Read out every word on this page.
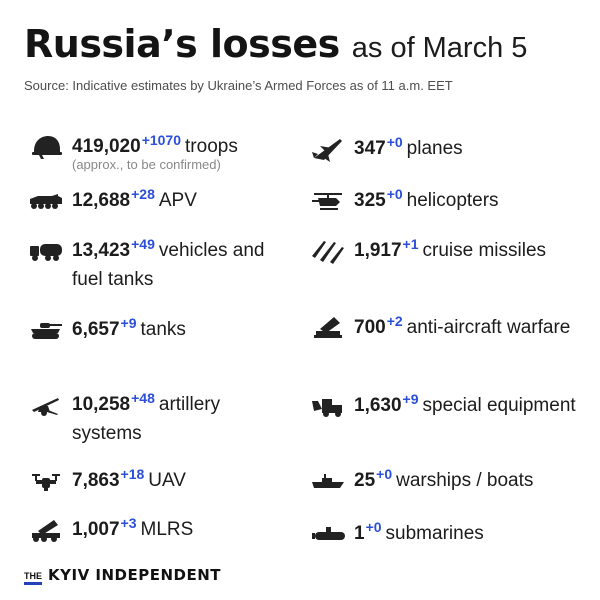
Russia’s losses as of March 5
Source: Indicative estimates by Ukraine’s Armed Forces as of 11 a.m. EET
$419,020^{+1070}$ troops
(approx., to be confirmed)
$12,688^{+28}$ APV
$13,423^{+49}$ vehicles and fuel tanks
$6,657^{+9}$ tanks
$10,258^{+48}$ artillery systems
$7,863^{+18}$ UAV
$1,007^{+3}$ MLRS
$347^{+0}$ planes
$325^{+0}$ helicopters
$1,917^{+1}$ cruise missiles
$700^{+2}$ anti-aircraft warfare
$1,630^{+9}$ special equipment
$25^{+0}$ warships / boats
$1^{+0}$ submarines
THE KYIV INDEPENDENT
